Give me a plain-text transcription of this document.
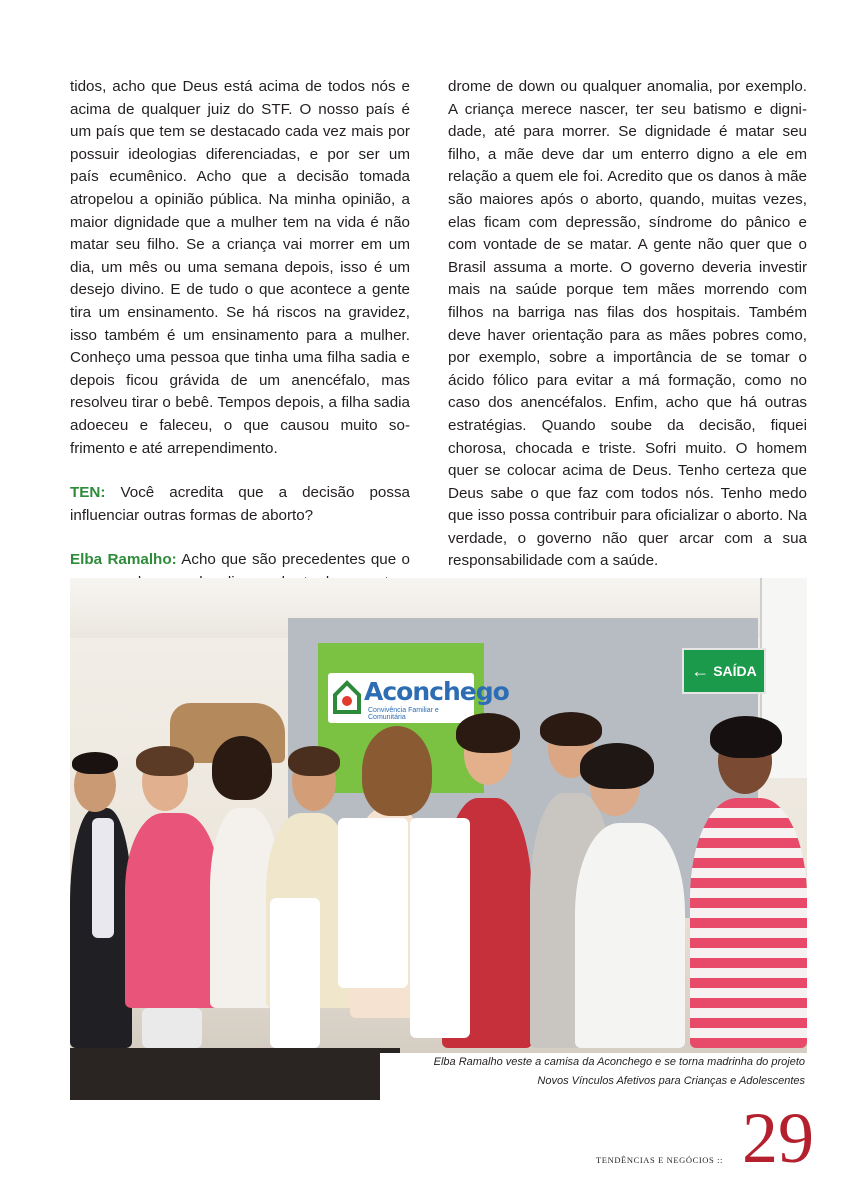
tidos, acho que Deus está acima de todos nós e acima de qualquer juiz do STF. O nosso país é um país que tem se destacado cada vez mais por possuir ideologias diferenciadas, e por ser um país ecumênico. Acho que a decisão tomada atropelou a opinião pública. Na minha opinião, a maior dignidade que a mulher tem na vida é não matar seu filho. Se a criança vai morrer em um dia, um mês ou uma semana depois, isso é um desejo divino. E de tudo o que acontece a gente tira um ensinamento. Se há riscos na gravidez, isso também é um ensinamento para a mulher. Conheço uma pessoa que tinha uma filha sadia e depois ficou grávida de um anencéfalo, mas resolveu tirar o bebê. Tempos depois, a filha sadia adoeceu e faleceu, o que causou muito sofrimento e até arrependimento.

TEN: Você acredita que a decisão possa influenciar outras formas de aborto?

Elba Ramalho: Acho que são precedentes que o

drome de down ou qualquer anomalia, por exemplo. A criança merece nascer, ter seu batismo e dignidade, até para morrer. Se dignidade é matar seu filho, a mãe deve dar um enterro digno a ele em relação a quem ele foi. Acredito que os danos à mãe são maiores após o aborto, quando, muitas vezes, elas ficam com depressão, síndrome do pânico e com vontade de se matar. A gente não quer que o Brasil assuma a morte. O governo deveria investir mais na saúde porque tem mães morrendo com filhos na barriga nas filas dos hospitais. Também deve haver orientação para as mães pobres como, por exemplo, sobre a importância de se tomar o ácido fólico para evitar a má formação, como no caso dos anencéfalos. Enfim, acho que há outras estratégias. Quando soube da decisão, fiquei chorosa, chocada e triste. Sofri muito. O homem quer se colocar acima de Deus. Tenho certeza que Deus sabe o que faz com todos nós. Tenho medo que isso possa contribuir para oficializar o aborto. Na verdade, o governo não quer arcar com a sua responsabilidade com a saúde.

Aconchego
Convivência Familiar e Comunitária
← SAÍDA
Elba Ramalho veste a camisa da Aconchego e se torna madrinha do projeto
Novos Vínculos Afetivos para Crianças e Adolescentes
TENDÊNCIAS E NEGÓCIOS :: 29
